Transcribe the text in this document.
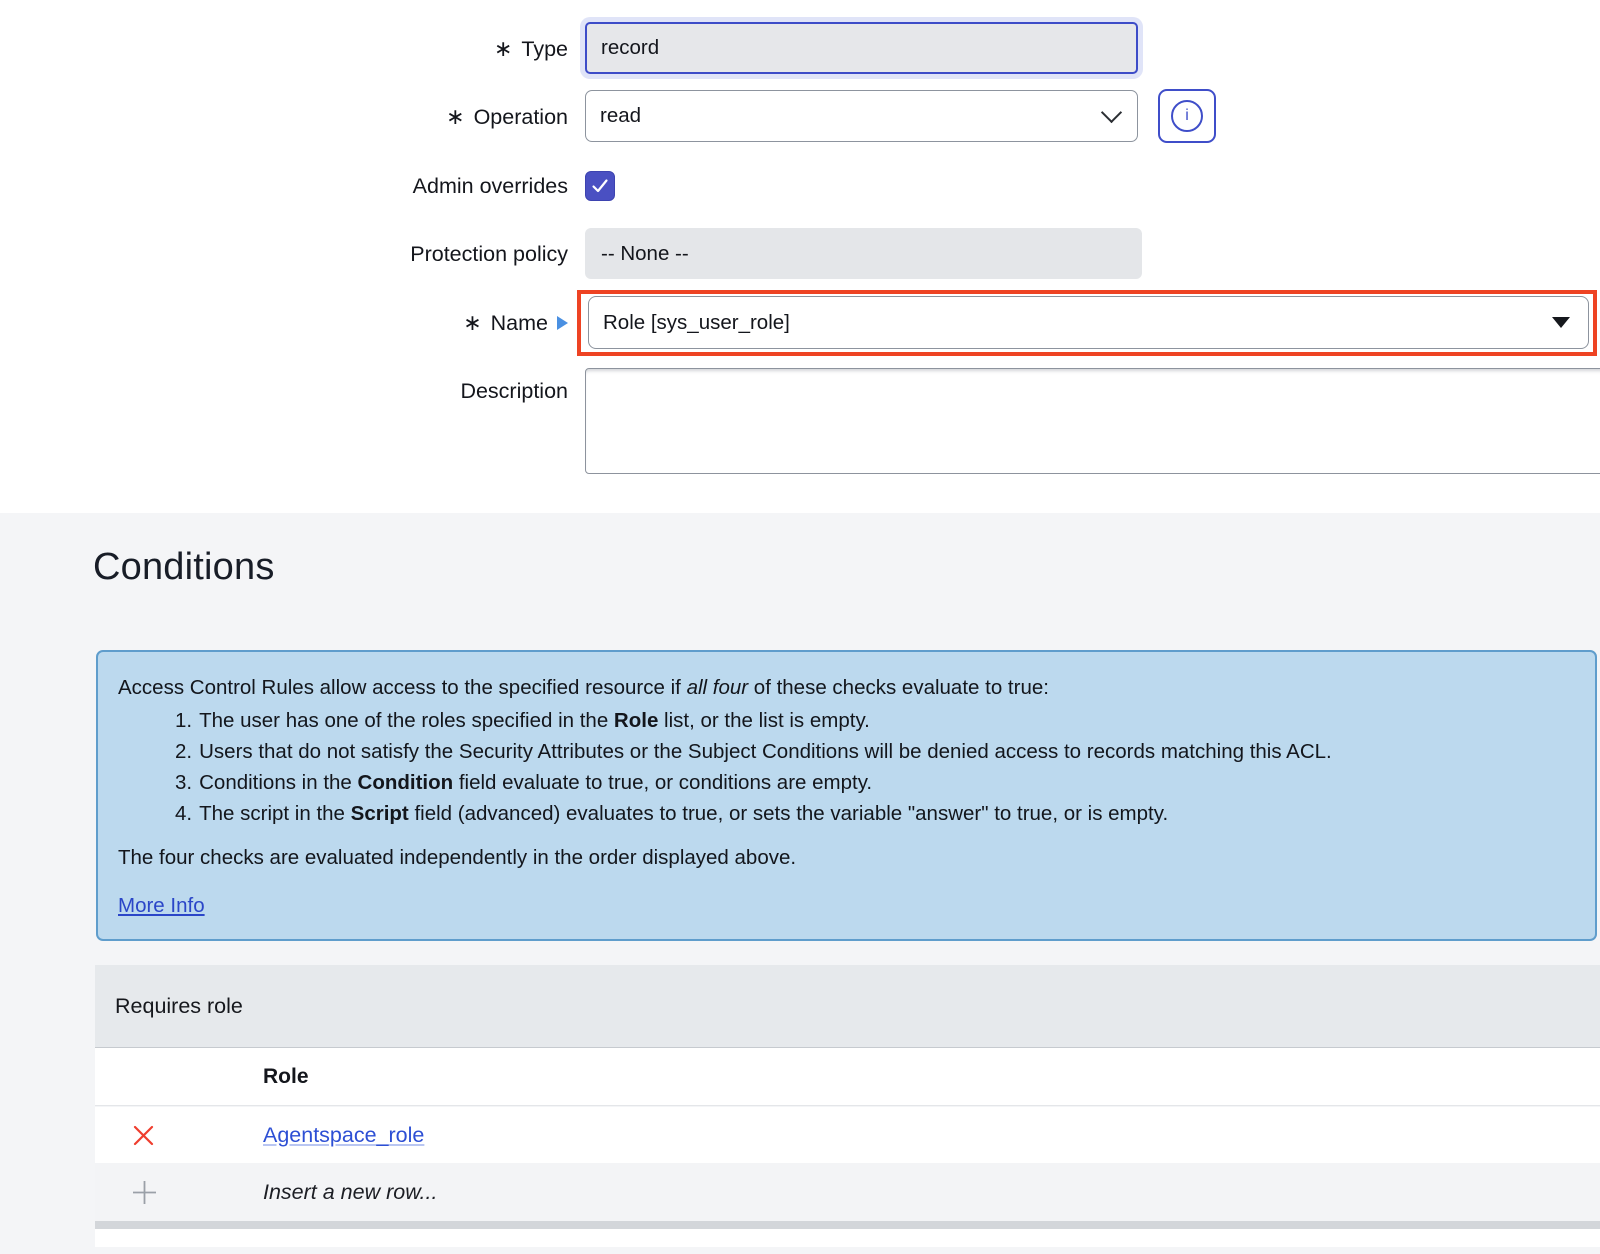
∗ Type record
∗ Operation read	i
Admin overrides
Protection policy -- None --
∗ Name	Role [sys_user_role]
Description
Conditions
Access Control Rules allow access to the specified resource if all four of these checks evaluate to true:
1. The user has one of the roles specified in the Role list, or the list is empty.
2. Users that do not satisfy the Security Attributes or the Subject Conditions will be denied access to records matching this ACL.
3. Conditions in the Condition field evaluate to true, or conditions are empty.
4. The script in the Script field (advanced) evaluates to true, or sets the variable "answer" to true, or is empty.
The four checks are evaluated independently in the order displayed above.
More Info
Requires role
Role
Agentspace_role
Insert a new row...
